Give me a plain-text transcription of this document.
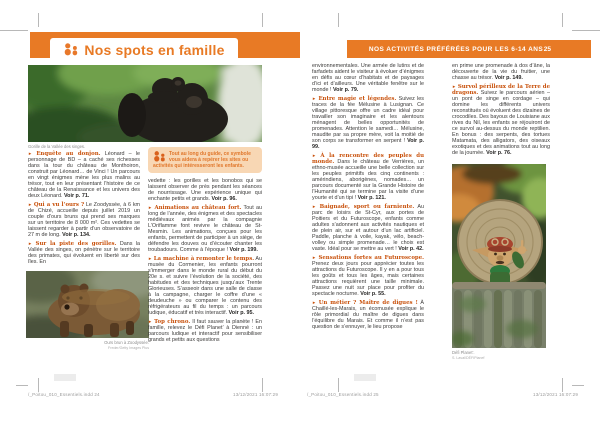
Nos spots en famille
Gorille de la Vallée des singes.

► Enquête au donjon. Léonard – le personnage de BD – a caché ses richesses dans la tour du château de Monthoiron, construit par Léonard… de Vinci ! Un parcours en vingt énigmes mène les plus malins au trésor, tout en leur présentant l’histoire de ce château de la Renaissance et les univers des deux Léonard. Voir p. 71.

► Qui a vu l’ours ? Le Zoodyssée, à 6 km de Chizé, accueille depuis juillet 2019 un couple d’ours bruns qui prend ses marques sur un territoire de 8 000 m². Ces vedettes se laissent regarder à partir d’un observatoire de 27 m de long. Voir p. 134.

► Sur la piste des gorilles. Dans la Vallée des singes, on pénètre sur le territoire des primates, qui évoluent en liberté sur des îles. En

Ours brun à Zoodyssée.
Freder/Getty Images Plus
Tout au long du guide, ce symbole vous aidera à repérer les sites ou activités qui intéresseront les enfants.

vedette : les gorilles et les bonobos qui se laissent observer de près pendant les séances de nourrissage. Une expérience unique qui enchante petits et grands. Voir p. 96.

► Animations au château fort. Tout au long de l’année, des énigmes et des spectacles médiévaux animés par la compagnie L’Oriflamme font revivre le château de St-Mesmin. Les animations, conçues pour les enfants, permettent de participer à un siège, de défendre les douves ou d’écouter chanter les troubadours. Comme à l’époque ! Voir p. 199.

► La machine à remonter le temps. Au musée du Cormenier, les enfants pourront s’immerger dans le monde rural du début du 20e s. et suivre l’évolution de la société, des habitudes et des techniques jusqu’aux Trente Glorieuses. S’asseoir dans une salle de classe à la campagne, charger le coffre d’une « deudeuche » ou comparer le contenu des réfrigérateurs au fil du temps : un parcours ludique, éducatif et très interactif. Voir p. 95.

► Top chrono. Il faut sauver la planète ! En famille, relevez le Défi Planet’ à Dienné : un parcours ludique et interactif pour sensibiliser grands et petits aux questions

/_Poitou_010_Essentiels.indd 24	13/12/2021 16:07:29
NOS ACTIVITÉS PRÉFÉRÉES POUR LES 6-14 ANS 25

environnementales. Une armée de lutins et de farfadets aident le visiteur à évoluer d’énigmes en défis au cœur d’habitats et de paysages d’ici et d’ailleurs. Une véritable fenêtre sur le monde ! Voir p. 79.

► Entre magie et légendes. Suivez les traces de la fée Mélusine à Lusignan. Ce village pittoresque offre un cadre idéal pour travailler son imaginaire et les alentours ménagent de belles opportunités de promenades. Attention le samedi… Mélusine, maudite par sa propre mère, voit la moitié de son corps se transformer en serpent ! Voir p. 99.

► À la rencontre des peuples du monde. Dans le château de Verrières, un ethno-musée accueille une belle collection sur les peuples primitifs des cinq continents : amérindiens, aborigènes, nomades… un parcours documenté sur la Grande Histoire de l’Humanité qui se termine par la visite d’une yourte et d’un tipi ! Voir p. 121.

► Baignade, sport ou farniente. Au parc de loisirs de St-Cyr, aux portes de Poitiers et du Futuroscope, enfants comme adultes s’adonnent aux activités nautiques et de plein air, sur et autour d’un lac artificiel. Paddle, planche à voile, kayak, vélo, beach-volley ou simple promenade… le choix est vaste. Idéal pour se mettre au vert ! Voir p. 42.

► Sensations fortes au Futuroscope. Prenez deux jours pour apprécier toutes les attractions du Futuroscope. Il y en a pour tous les goûts et tous les âges, mais certaines attractions requièrent une taille minimale. Passez une nuit sur place pour profiter du spectacle nocturne. Voir p. 55.

► Un métier ? Maître de digues ! À Chaillé-les-Marais, un écomusée explique le rôle primordial du maître de digues dans l’équilibre du Marais. Et comme il n’est pas question de s’ennuyer, le lieu propose

en prime une promenade à dos d’âne, la découverte de la vie du fruitier, une chasse au trésor. Voir p. 149.

► Survol périlleux de la Terre de dragons. Suivez le parcours aérien – un pont de singe en cordage – qui domine les différents univers reconstitués où évoluent des dizaines de crocodiles. Des bayous de Louisiane aux rives du Nil, les enfants se réjouiront de ce survol au-dessus du monde reptilien. En bonus : des serpents, des tortues Matamata, des alligators, des oiseaux exotiques et des animations tout au long de la journée. Voir p. 76.

Défi Planet’.
S. Laval/DÉFIPlanet’
/_Poitou_010_Essentiels.indd 25	13/12/2021 16:07:29
